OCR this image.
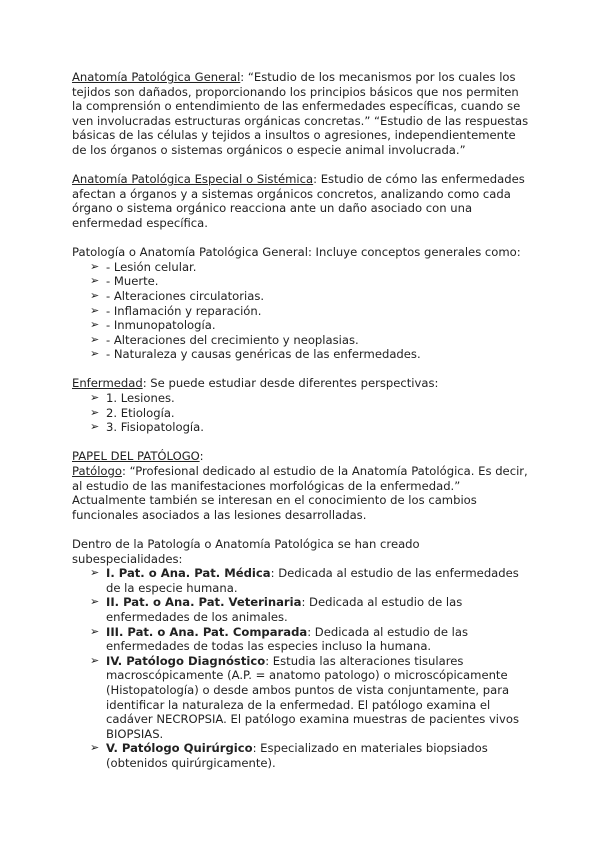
Anatomía Patológica General: “Estudio de los mecanismos por los cuales los tejidos son dañados, proporcionando los principios básicos que nos permiten la comprensión o entendimiento de las enfermedades específicas, cuando se ven involucradas estructuras orgánicas concretas.” “Estudio de las respuestas básicas de las células y tejidos a insultos o agresiones, independientemente de los órganos o sistemas orgánicos o especie animal involucrada.”

Anatomía Patológica Especial o Sistémica: Estudio de cómo las enfermedades afectan a órganos y a sistemas orgánicos concretos, analizando como cada órgano o sistema orgánico reacciona ante un daño asociado con una enfermedad específica.

Patología o Anatomía Patológica General: Incluye conceptos generales como:

➢ - Lesión celular.
➢ - Muerte.
➢ - Alteraciones circulatorias.
➢ - Inflamación y reparación.
➢ - Inmunopatología.
➢ - Alteraciones del crecimiento y neoplasias.
➢ - Naturaleza y causas genéricas de las enfermedades.

Enfermedad: Se puede estudiar desde diferentes perspectivas:

➢ 1. Lesiones.
➢ 2. Etiología.
➢ 3. Fisiopatología.

PAPEL DEL PATÓLOGO:

Patólogo: “Profesional dedicado al estudio de la Anatomía Patológica. Es decir, al estudio de las manifestaciones morfológicas de la enfermedad.”

Actualmente también se interesan en el conocimiento de los cambios funcionales asociados a las lesiones desarrolladas.

Dentro de la Patología o Anatomía Patológica se han creado subespecialidades:

➢ I. Pat. o Ana. Pat. Médica: Dedicada al estudio de las enfermedades de la especie humana.
➢ II. Pat. o Ana. Pat. Veterinaria: Dedicada al estudio de las enfermedades de los animales.
➢ III. Pat. o Ana. Pat. Comparada: Dedicada al estudio de las enfermedades de todas las especies incluso la humana.
➢ IV. Patólogo Diagnóstico: Estudia las alteraciones tisulares macroscópicamente (A.P. = anatomo patologo) o microscópicamente (Histopatología) o desde ambos puntos de vista conjuntamente, para identificar la naturaleza de la enfermedad. El patólogo examina el cadáver NECROPSIA. El patólogo examina muestras de pacientes vivos BIOPSIAS.
➢ V. Patólogo Quirúrgico: Especializado en materiales biopsiados (obtenidos quirúrgicamente).
